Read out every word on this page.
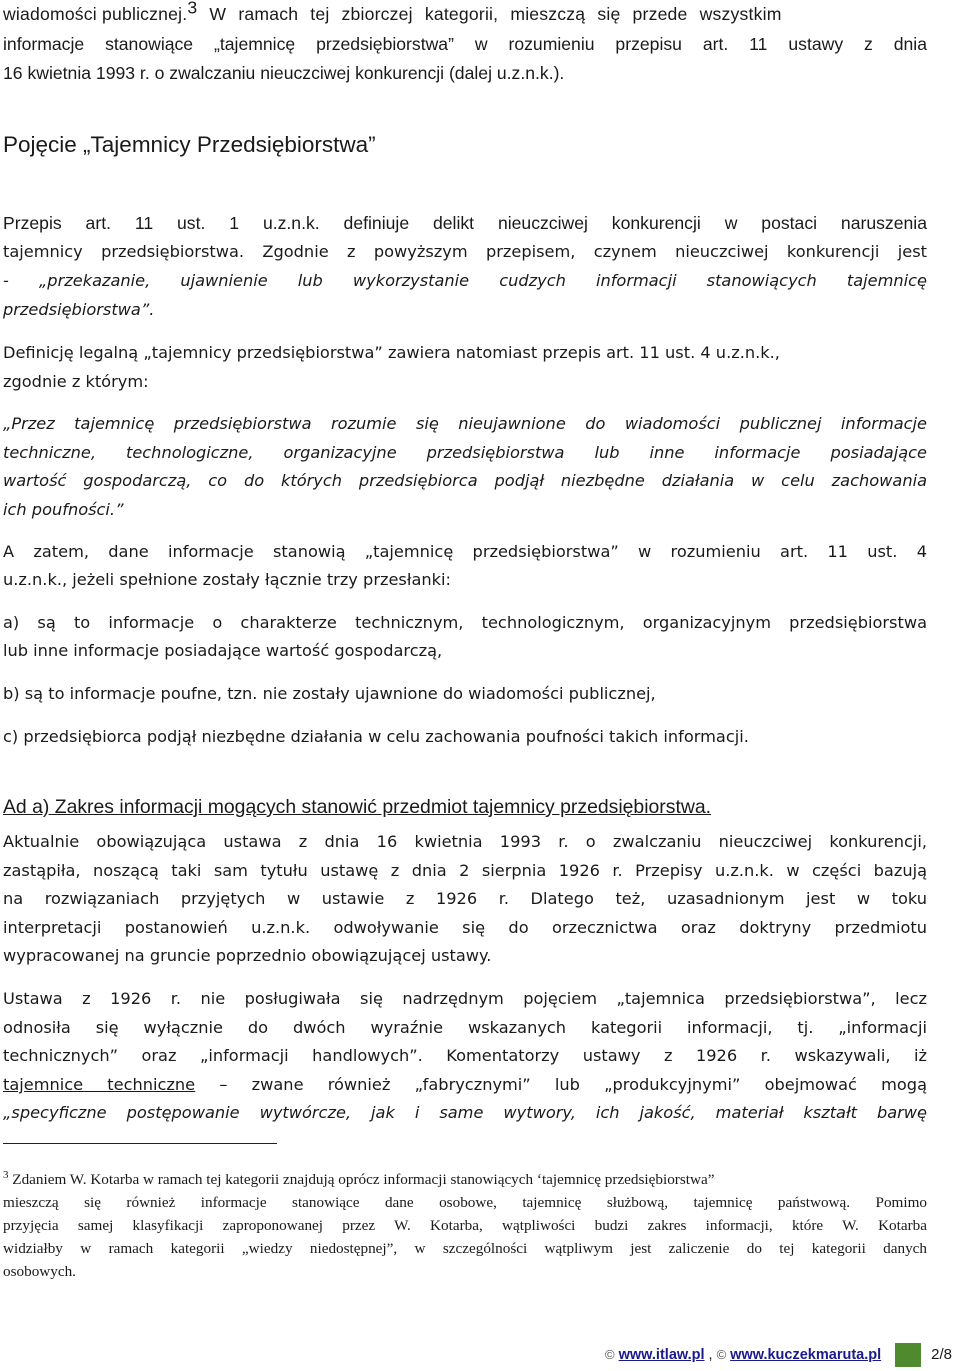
wiadomości publicznej.$^3$ W ramach tej zbiorczej kategorii, mieszczą się przede wszystkim
informacje stanowiące „tajemnicę przedsiębiorstwa” w rozumieniu przepisu art. 11 ustawy z dnia
16 kwietnia 1993 r. o zwalczaniu nieuczciwej konkurencji (dalej u.z.n.k.).
Pojęcie „Tajemnicy Przedsiębiorstwa”
Przepis art. 11 ust. 1 u.z.n.k. definiuje delikt nieuczciwej konkurencji w postaci naruszenia
tajemnicy przedsiębiorstwa. Zgodnie z powyższym przepisem, czynem nieuczciwej konkurencji jest
- „przekazanie, ujawnienie lub wykorzystanie cudzych informacji stanowiących tajemnicę
przedsiębiorstwa”.
Definicję legalną „tajemnicy przedsiębiorstwa” zawiera natomiast przepis art. 11 ust. 4 u.z.n.k.,
zgodnie z którym:
„Przez tajemnicę przedsiębiorstwa rozumie się nieujawnione do wiadomości publicznej informacje
techniczne, technologiczne, organizacyjne przedsiębiorstwa lub inne informacje posiadające
wartość gospodarczą, co do których przedsiębiorca podjął niezbędne działania w celu zachowania
ich poufności.”
A zatem, dane informacje stanowią „tajemnicę przedsiębiorstwa” w rozumieniu art. 11 ust. 4
u.z.n.k., jeżeli spełnione zostały łącznie trzy przesłanki:
a) są to informacje o charakterze technicznym, technologicznym, organizacyjnym przedsiębiorstwa
lub inne informacje posiadające wartość gospodarczą,
b) są to informacje poufne, tzn. nie zostały ujawnione do wiadomości publicznej,
c) przedsiębiorca podjął niezbędne działania w celu zachowania poufności takich informacji.
Ad a) Zakres informacji mogących stanowić przedmiot tajemnicy przedsiębiorstwa.
Aktualnie obowiązująca ustawa z dnia 16 kwietnia 1993 r. o zwalczaniu nieuczciwej konkurencji,
zastąpiła, noszącą taki sam tytułu ustawę z dnia 2 sierpnia 1926 r. Przepisy u.z.n.k. w części bazują
na rozwiązaniach przyjętych w ustawie z 1926 r. Dlatego też, uzasadnionym jest w toku
interpretacji postanowień u.z.n.k. odwoływanie się do orzecznictwa oraz doktryny przedmiotu
wypracowanej na gruncie poprzednio obowiązującej ustawy.
Ustawa z 1926 r. nie posługiwała się nadrzędnym pojęciem „tajemnica przedsiębiorstwa”, lecz
odnosiła się wyłącznie do dwóch wyraźnie wskazanych kategorii informacji, tj. „informacji
technicznych” oraz „informacji handlowych”. Komentatorzy ustawy z 1926 r. wskazywali, iż
tajemnice techniczne – zwane również „fabrycznymi” lub „produkcyjnymi” obejmować mogą
„specyficzne postępowanie wytwórcze, jak i same wytwory, ich jakość, materiał kształt barwę
$^3$ Zdaniem W. Kotarba w ramach tej kategorii znajdują oprócz informacji stanowiących ‘tajemnicę przedsiębiorstwa”
mieszczą się również informacje stanowiące dane osobowe, tajemnicę służbową, tajemnicę państwową. Pomimo
przyjęcia samej klasyfikacji zaproponowanej przez W. Kotarba, wątpliwości budzi zakres informacji, które W. Kotarba
widziałby w ramach kategorii „wiedzy niedostępnej”, w szczególności wątpliwym jest zaliczenie do tej kategorii danych
osobowych.
© www.itlaw.pl , © www.kuczekmaruta.pl	2/8
